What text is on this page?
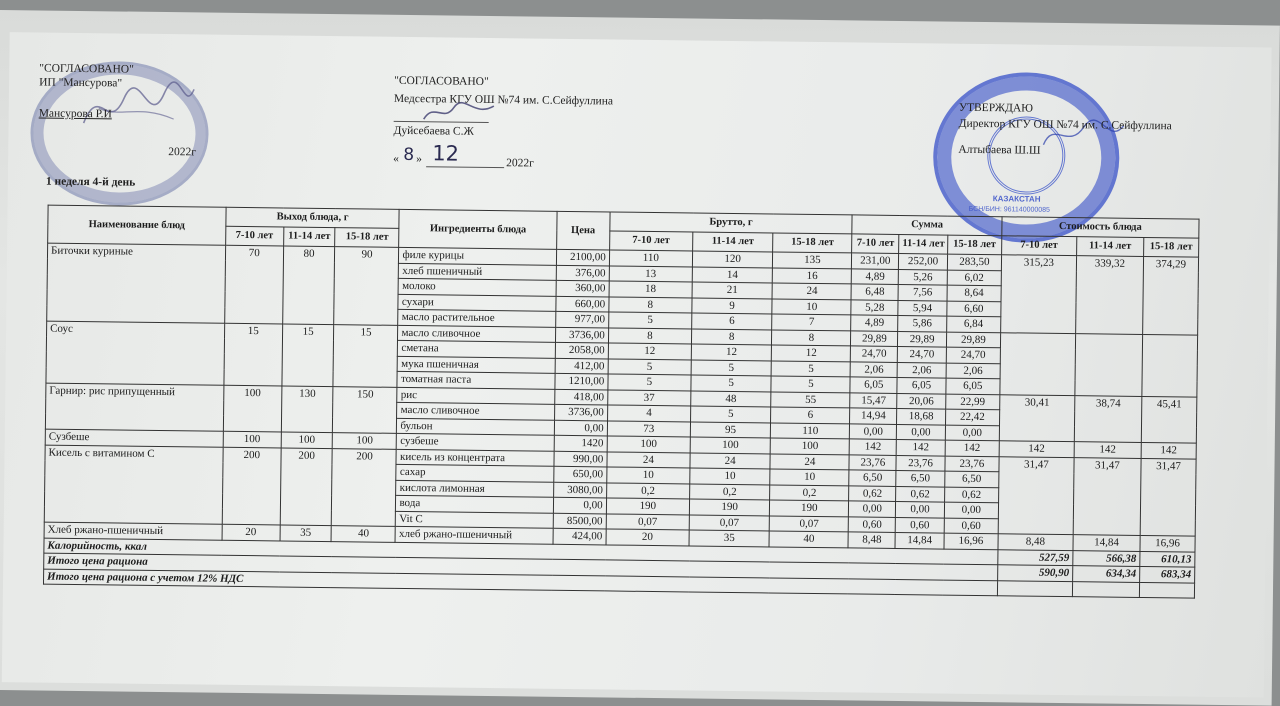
"СОГЛАСОВАНО"
ИП "Мансурова"
Мансурова Р.И
2022г
1 неделя 4-й день
"СОГЛАСОВАНО"
Медсестра КГУ ОШ №74 им. С.Сейфуллина
Дуйсебаева С.Ж
« 8 » 12	2022г
КАЗАКСТАН
БСН/БИН: 961140000085
УТВЕРЖДАЮ
Директор КГУ ОШ №74 им. С.Сейфуллина
Алтыбаева Ш.Ш
Наименование блюд	Выход блюда, г			Ингредиенты блюда	Цена	Брутто, г			Сумма			Стоимость блюда		
	7-10 лет	11-14 лет	15-18 лет			7-10 лет	11-14 лет	15-18 лет	7-10 лет	11-14 лет	15-18 лет	7-10 лет	11-14 лет	15-18 лет
Биточки куриные	70	80	90	филе курицы	2100,00	110	120	135	231,00	252,00	283,50	315,23	339,32	374,29
				хлеб пшеничный	376,00	13	14	16	4,89	5,26	6,02			
				молоко	360,00	18	21	24	6,48	7,56	8,64			
				сухари	660,00	8	9	10	5,28	5,94	6,60			
				масло растительное	977,00	5	6	7	4,89	5,86	6,84			
Соус	15	15	15	масло сливочное	3736,00	8	8	8	29,89	29,89	29,89			
				сметана	2058,00	12	12	12	24,70	24,70	24,70			
				мука пшеничная	412,00	5	5	5	2,06	2,06	2,06			
				томатная паста	1210,00	5	5	5	6,05	6,05	6,05			
Гарнир: рис припущенный	100	130	150	рис	418,00	37	48	55	15,47	20,06	22,99	30,41	38,74	45,41
				масло сливочное	3736,00	4	5	6	14,94	18,68	22,42			
				бульон	0,00	73	95	110	0,00	0,00	0,00			
Сузбеше	100	100	100	сузбеше	1420	100	100	100	142	142	142	142	142	142
Кисель с витамином С	200	200	200	кисель из концентрата	990,00	24	24	24	23,76	23,76	23,76	31,47	31,47	31,47
				сахар	650,00	10	10	10	6,50	6,50	6,50			
				кислота лимонная	3080,00	0,2	0,2	0,2	0,62	0,62	0,62			
				вода	0,00	190	190	190	0,00	0,00	0,00			
				Vit C	8500,00	0,07	0,07	0,07	0,60	0,60	0,60			
Хлеб ржано-пшеничный	20	35	40	хлеб ржано-пшеничный	424,00	20	35	40	8,48	14,84	16,96	8,48	14,84	16,96
Калорийность, ккал												527,59	566,38	610,13
Итого цена рациона												590,90	634,34	683,34
Итого цена рациона с учетом 12% НДС														
